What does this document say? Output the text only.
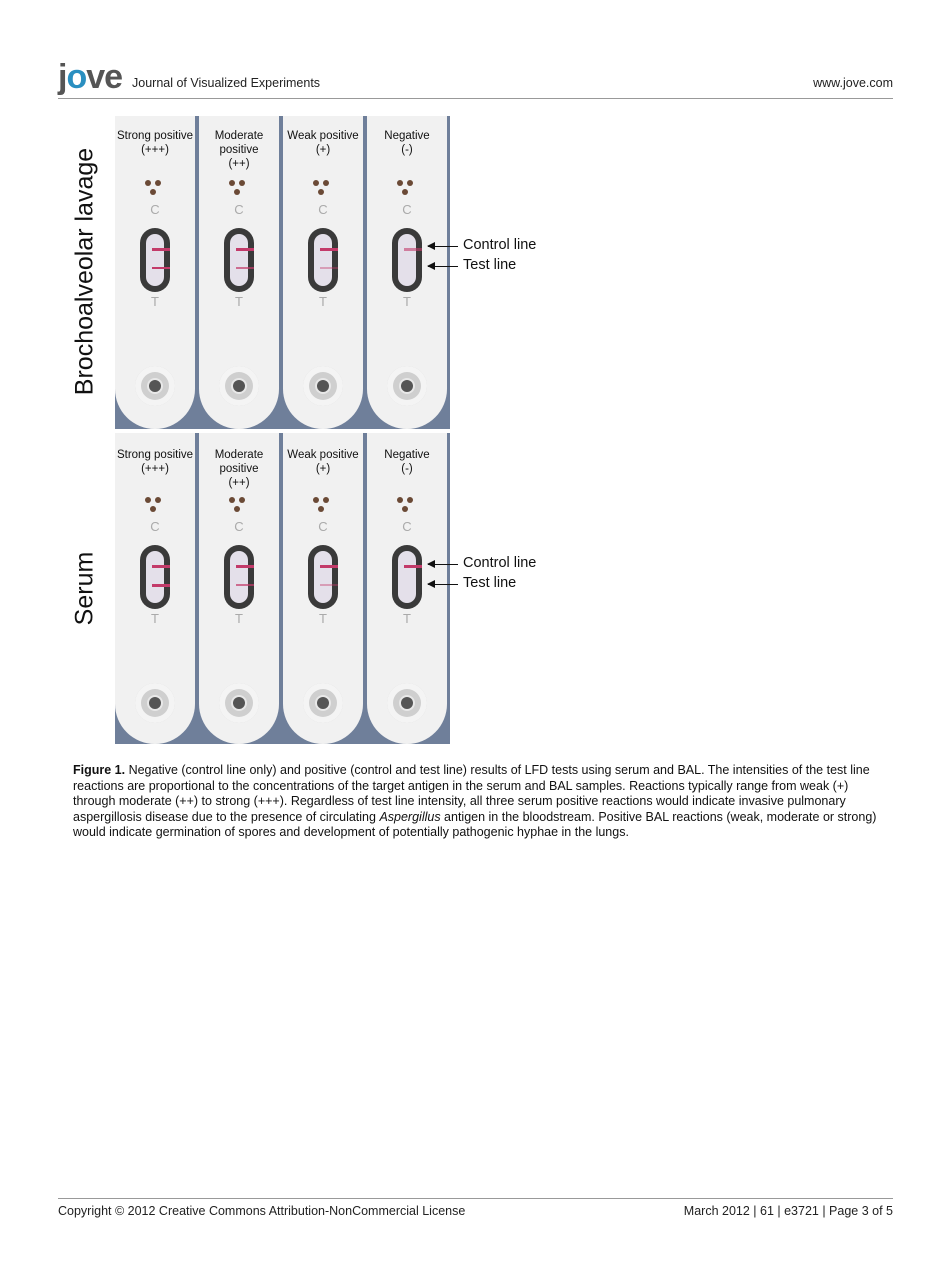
jove Journal of Visualized Experiments	www.jove.com
Brochoalveolar lavage
Strong positive
(+++)
C
T
Moderate
positive
(++)
C
T
Weak positive
(+)
C
T
Negative
(-)
C
T
Control line
Test line
Serum
Strong positive
(+++)
C
T
Moderate
positive
(++)
C
T
Weak positive
(+)
C
T
Negative
(-)
C
T
Control line
Test line
Figure 1. Negative (control line only) and positive (control and test line) results of LFD tests using serum and BAL. The intensities of the test line reactions are proportional to the concentrations of the target antigen in the serum and BAL samples. Reactions typically range from weak (+) through moderate (++) to strong (+++). Regardless of test line intensity, all three serum positive reactions would indicate invasive pulmonary aspergillosis disease due to the presence of circulating Aspergillus antigen in the bloodstream. Positive BAL reactions (weak, moderate or strong) would indicate germination of spores and development of potentially pathogenic hyphae in the lungs.
Copyright © 2012 Creative Commons Attribution-NonCommercial License	March 2012 | 61 | e3721 | Page 3 of 5
